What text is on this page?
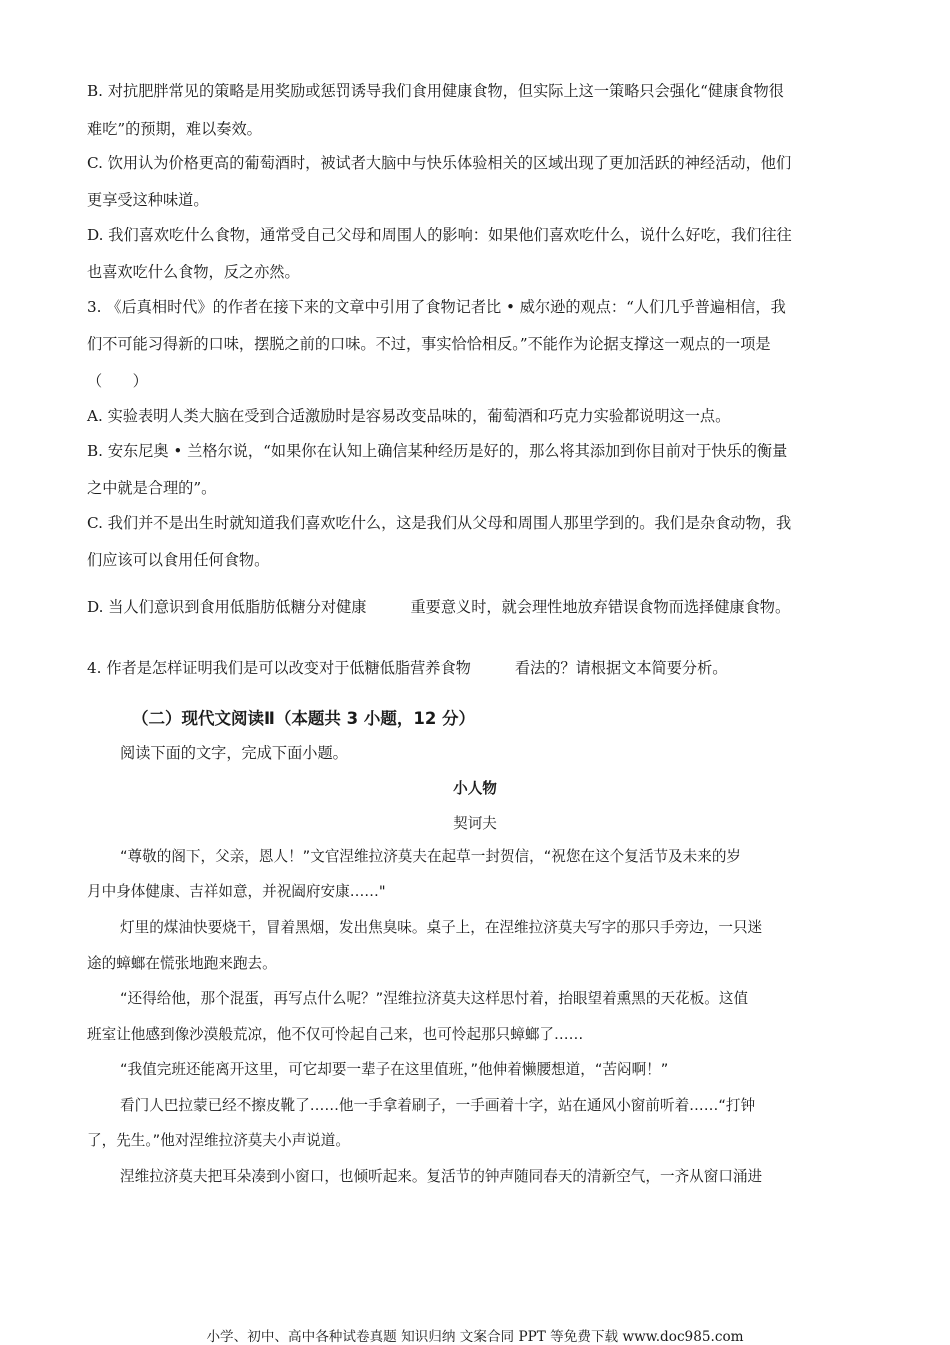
B. 对抗肥胖常见的策略是用奖励或惩罚诱导我们食用健康食物，但实际上这一策略只会强化“健康食物很
难吃”的预期，难以奏效。
C. 饮用认为价格更高的葡萄酒时，被试者大脑中与快乐体验相关的区域出现了更加活跃的神经活动，他们
更享受这种味道。
D. 我们喜欢吃什么食物，通常受自己父母和周围人的影响：如果他们喜欢吃什么，说什么好吃，我们往往
也喜欢吃什么食物，反之亦然。
3. 《后真相时代》的作者在接下来的文章中引用了食物记者比 • 威尔逊的观点：“人们几乎普遍相信，我
们不可能习得新的口味，摆脱之前的口味。不过，事实恰恰相反。”不能作为论据支撑这一观点的一项是
（　　）
A. 实验表明人类大脑在受到合适激励时是容易改变品味的，葡萄酒和巧克力实验都说明这一点。
B. 安东尼奥 • 兰格尔说，“如果你在认知上确信某种经历是好的，那么将其添加到你目前对于快乐的衡量
之中就是合理的”。
C. 我们并不是出生时就知道我们喜欢吃什么，这是我们从父母和周围人那里学到的。我们是杂食动物，我
们应该可以食用任何食物。
D. 当人们意识到食用低脂肪低糖分对健康	重要意义时，就会理性地放弃错误食物而选择健康食物。
4. 作者是怎样证明我们是可以改变对于低糖低脂营养食物	看法的？请根据文本简要分析。
（二）现代文阅读Ⅱ（本题共 3 小题，12 分）
阅读下面的文字，完成下面小题。
小人物
契诃夫
“尊敬的阁下，父亲，恩人！”文官涅维拉济莫夫在起草一封贺信，“祝您在这个复活节及未来的岁
月中身体健康、吉祥如意，并祝阖府安康……"
灯里的煤油快要烧干，冒着黑烟，发出焦臭味。桌子上，在涅维拉济莫夫写字的那只手旁边，一只迷
途的蟑螂在慌张地跑来跑去。
“还得给他，那个混蛋，再写点什么呢？”涅维拉济莫夫这样思忖着，抬眼望着熏黑的天花板。这值
班室让他感到像沙漠般荒凉，他不仅可怜起自己来，也可怜起那只蟑螂了……
“我值完班还能离开这里，可它却要一辈子在这里值班，”他伸着懒腰想道，“苦闷啊！”
看门人巴拉蒙已经不擦皮靴了……他一手拿着刷子，一手画着十字，站在通风小窗前听着……“打钟
了，先生。”他对涅维拉济莫夫小声说道。
涅维拉济莫夫把耳朵凑到小窗口，也倾听起来。复活节的钟声随同春天的清新空气，一齐从窗口涌进
小学、初中、高中各种试卷真题 知识归纳 文案合同 PPT 等免费下载 www.doc985.com
